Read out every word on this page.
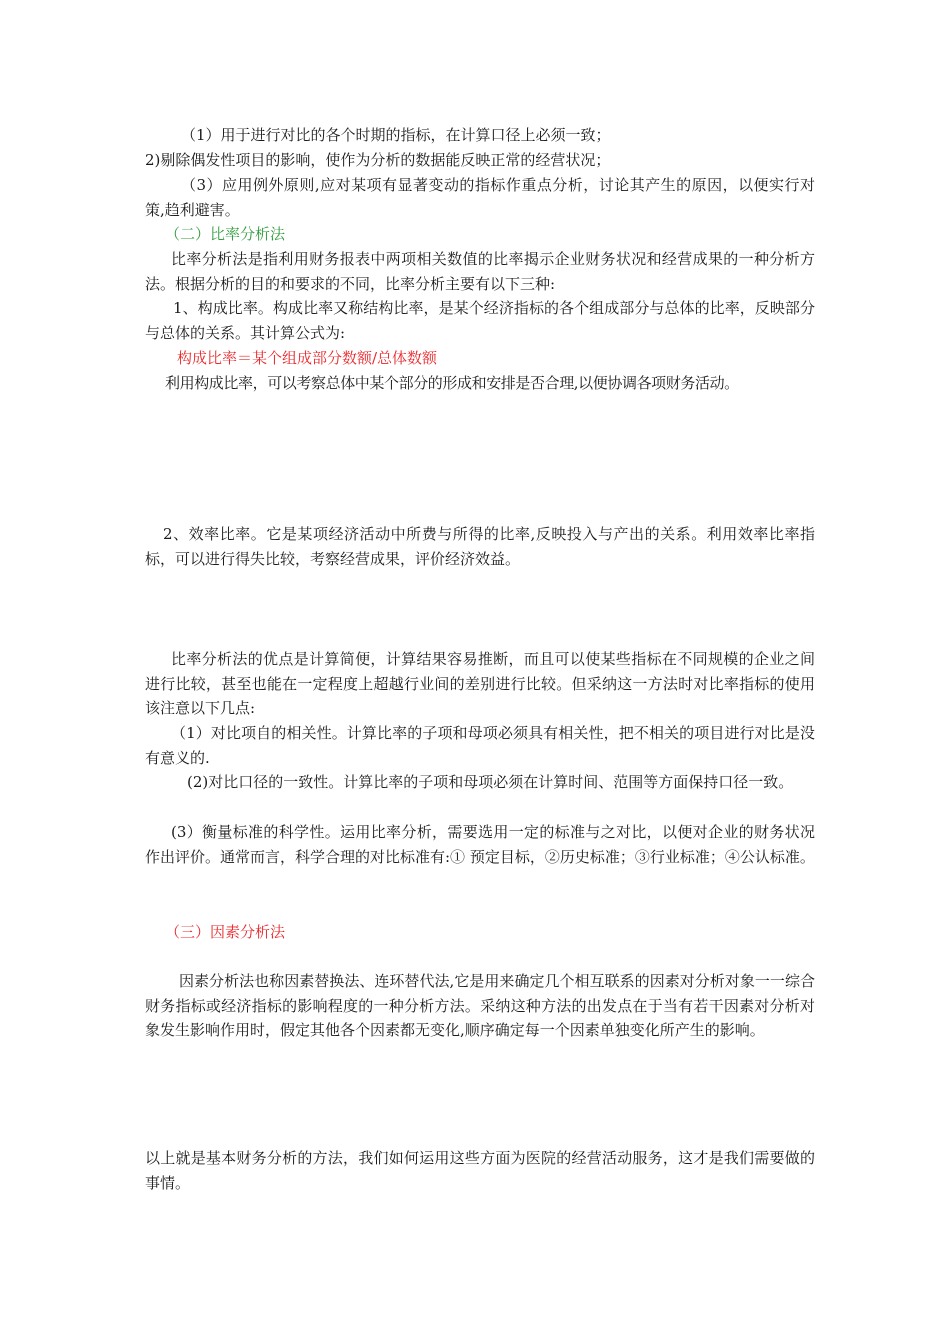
（1）用于进行对比的各个时期的指标，在计算口径上必须一致；

2)剔除偶发性项目的影响，使作为分析的数据能反映正常的经营状况；

（3）应用例外原则,应对某项有显著变动的指标作重点分析，讨论其产生的原因，以便实行对策,趋利避害。

（二）比率分析法

比率分析法是指利用财务报表中两项相关数值的比率揭示企业财务状况和经营成果的一种分析方法。根据分析的目的和要求的不同，比率分析主要有以下三种:

1、构成比率。构成比率又称结构比率，是某个经济指标的各个组成部分与总体的比率，反映部分与总体的关系。其计算公式为:

构成比率＝某个组成部分数额/总体数额

利用构成比率，可以考察总体中某个部分的形成和安排是否合理,以便协调各项财务活动。

2、效率比率。它是某项经济活动中所费与所得的比率,反映投入与产出的关系。利用效率比率指标，可以进行得失比较，考察经营成果，评价经济效益。

比率分析法的优点是计算简便，计算结果容易推断，而且可以使某些指标在不同规模的企业之间进行比较，甚至也能在一定程度上超越行业间的差别进行比较。但采纳这一方法时对比率指标的使用该注意以下几点:

（1）对比项自的相关性。计算比率的子项和母项必须具有相关性，把不相关的项目进行对比是没有意义的.

(2)对比口径的一致性。计算比率的子项和母项必须在计算时间、范围等方面保持口径一致。

(3）衡量标准的科学性。运用比率分析，需要选用一定的标准与之对比，以便对企业的财务状况作出评价。通常而言，科学合理的对比标准有:① 预定目标，②历史标准；③行业标准；④公认标准。

（三）因素分析法

因素分析法也称因素替换法、连环替代法,它是用来确定几个相互联系的因素对分析对象一一综合财务指标或经济指标的影响程度的一种分析方法。采纳这种方法的出发点在于当有若干因素对分析对象发生影响作用时，假定其他各个因素都无变化,顺序确定每一个因素单独变化所产生的影响。

以上就是基本财务分析的方法，我们如何运用这些方面为医院的经营活动服务，这才是我们需要做的事情。
